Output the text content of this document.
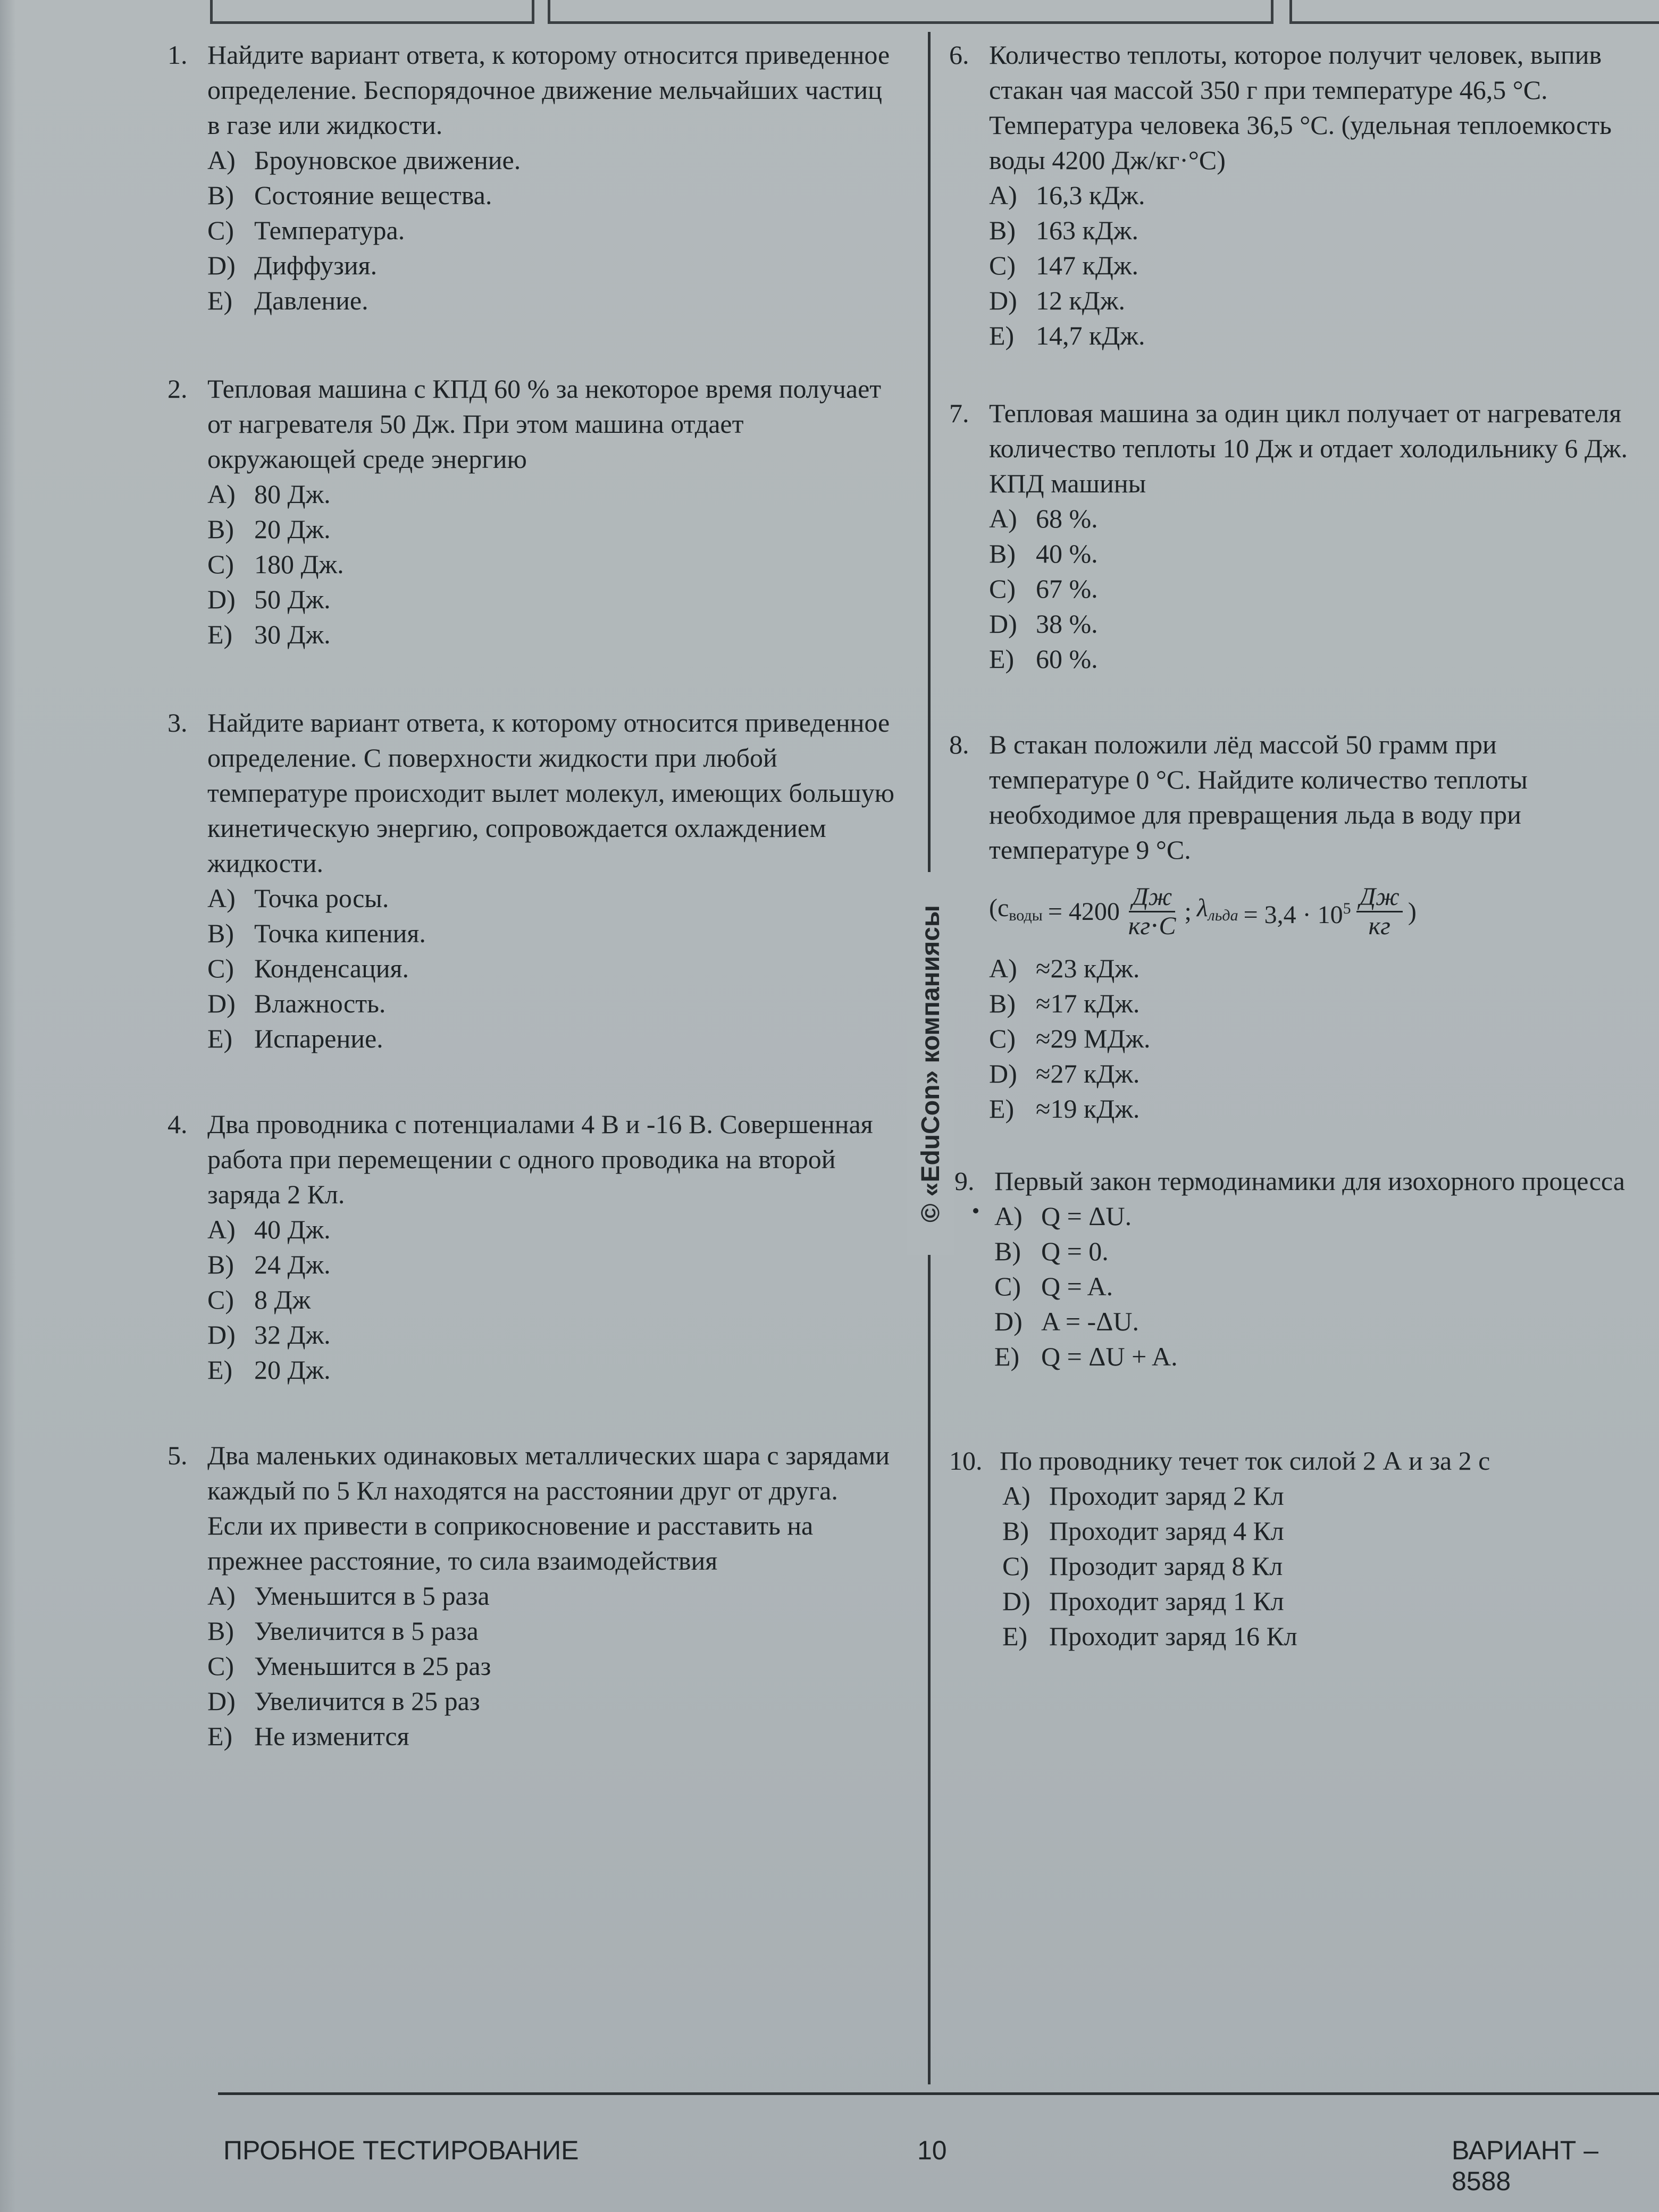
© «EduCon» компаниясы
1. Найдите вариант ответа, к которому относится приведенное определение. Беспорядочное движение мельчайших частиц в газе или жидкости.
A) Броуновское движение.
B) Состояние вещества.
C) Температура.
D) Диффузия.
E) Давление.
2. Тепловая машина с КПД 60 % за некоторое время получает от нагревателя 50 Дж. При этом машина отдает окружающей среде энергию
A) 80 Дж.
B) 20 Дж.
C) 180 Дж.
D) 50 Дж.
E) 30 Дж.
3. Найдите вариант ответа, к которому относится приведенное определение. С поверхности жидкости при любой температуре происходит вылет молекул, имеющих большую кинетическую энергию, сопровождается охлаждением жидкости.
A) Точка росы.
B) Точка кипения.
C) Конденсация.
D) Влажность.
E) Испарение.
4. Два проводника с потенциалами 4 В и -16 В. Совершенная работа при перемещении с одного проводика на второй заряда 2 Кл.
A) 40 Дж.
B) 24 Дж.
C) 8 Дж
D) 32 Дж.
E) 20 Дж.
5. Два маленьких одинаковых металлических шара с зарядами каждый по 5 Кл находятся на расстоянии друг от друга. Если их привести в соприкосновение и расставить на прежнее расстояние, то сила взаимодействия
A) Уменьшится в 5 раза
B) Увеличится в 5 раза
C) Уменьшится в 25 раз
D) Увеличится в 25 раз
E) Не изменится
6. Количество теплоты, которое получит человек, выпив стакан чая массой 350 г при температуре 46,5 °С. Температура человека 36,5 °С. (удельная теплоемкость воды 4200 Дж/кг·°С)
A) 16,3 кДж.
B) 163 кДж.
C) 147 кДж.
D) 12 кДж.
E) 14,7 кДж.
7. Тепловая машина за один цикл получает от нагревателя количество теплоты 10 Дж и отдает холодильнику 6 Дж. КПД машины
A) 68 %.
B) 40 %.
C) 67 %.
D) 38 %.
E) 60 %.
8. В стакан положили лёд массой 50 грамм при температуре 0 °С. Найдите количество теплоты необходимое для превращения льда в воду при температуре 9 °С.
($с_{воды} = 4200 \frac{Дж}{кг\cdot С}$ ; $\lambda_{льда} = 3,4 \cdot 10^5 \frac{Дж}{кг}$ )
A) ≈23 кДж.
B) ≈17 кДж.
C) ≈29 МДж.
D) ≈27 кДж.
E) ≈19 кДж.
9. Первый закон термодинамики для изохорного процесса
A) Q = ΔU.
B) Q = 0.
C) Q = A.
D) A = -ΔU.
E) Q = ΔU + A.
10. По проводнику течет ток силой 2 А и за 2 с
A) Проходит заряд 2 Кл
B) Проходит заряд 4 Кл
C) Прозодит заряд 8 Кл
D) Проходит заряд 1 Кл
E) Проходит заряд 16 Кл
ПРОБНОЕ ТЕСТИРОВАНИЕ	10	ВАРИАНТ – 8588
